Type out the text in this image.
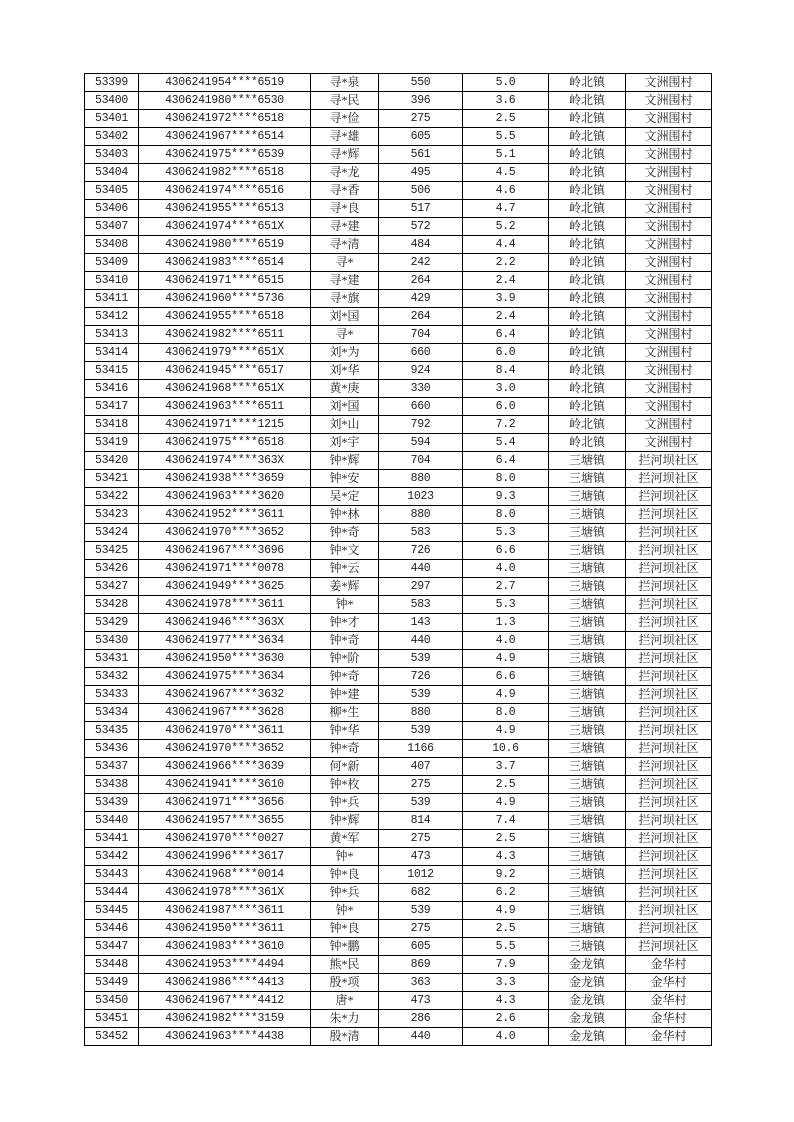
53399	4306241954****6519	寻*泉	550	5.0	岭北镇	文洲围村
53400	4306241980****6530	寻*民	396	3.6	岭北镇	文洲围村
53401	4306241972****6518	寻*俭	275	2.5	岭北镇	文洲围村
53402	4306241967****6514	寻*雄	605	5.5	岭北镇	文洲围村
53403	4306241975****6539	寻*辉	561	5.1	岭北镇	文洲围村
53404	4306241982****6518	寻*龙	495	4.5	岭北镇	文洲围村
53405	4306241974****6516	寻*香	506	4.6	岭北镇	文洲围村
53406	4306241955****6513	寻*良	517	4.7	岭北镇	文洲围村
53407	4306241974****651X	寻*建	572	5.2	岭北镇	文洲围村
53408	4306241980****6519	寻*清	484	4.4	岭北镇	文洲围村
53409	4306241983****6514	寻*	242	2.2	岭北镇	文洲围村
53410	4306241971****6515	寻*建	264	2.4	岭北镇	文洲围村
53411	4306241960****5736	寻*旗	429	3.9	岭北镇	文洲围村
53412	4306241955****6518	刘*国	264	2.4	岭北镇	文洲围村
53413	4306241982****6511	寻*	704	6.4	岭北镇	文洲围村
53414	4306241979****651X	刘*为	660	6.0	岭北镇	文洲围村
53415	4306241945****6517	刘*华	924	8.4	岭北镇	文洲围村
53416	4306241968****651X	黄*庚	330	3.0	岭北镇	文洲围村
53417	4306241963****6511	刘*国	660	6.0	岭北镇	文洲围村
53418	4306241971****1215	刘*山	792	7.2	岭北镇	文洲围村
53419	4306241975****6518	刘*宇	594	5.4	岭北镇	文洲围村
53420	4306241974****363X	钟*辉	704	6.4	三塘镇	拦河坝社区
53421	4306241938****3659	钟*安	880	8.0	三塘镇	拦河坝社区
53422	4306241963****3620	吴*定	1023	9.3	三塘镇	拦河坝社区
53423	4306241952****3611	钟*林	880	8.0	三塘镇	拦河坝社区
53424	4306241970****3652	钟*奇	583	5.3	三塘镇	拦河坝社区
53425	4306241967****3696	钟*文	726	6.6	三塘镇	拦河坝社区
53426	4306241971****0078	钟*云	440	4.0	三塘镇	拦河坝社区
53427	4306241949****3625	姜*辉	297	2.7	三塘镇	拦河坝社区
53428	4306241978****3611	钟*	583	5.3	三塘镇	拦河坝社区
53429	4306241946****363X	钟*才	143	1.3	三塘镇	拦河坝社区
53430	4306241977****3634	钟*奇	440	4.0	三塘镇	拦河坝社区
53431	4306241950****3630	钟*阶	539	4.9	三塘镇	拦河坝社区
53432	4306241975****3634	钟*奇	726	6.6	三塘镇	拦河坝社区
53433	4306241967****3632	钟*建	539	4.9	三塘镇	拦河坝社区
53434	4306241967****3628	柳*生	880	8.0	三塘镇	拦河坝社区
53435	4306241970****3611	钟*华	539	4.9	三塘镇	拦河坝社区
53436	4306241970****3652	钟*奇	1166	10.6	三塘镇	拦河坝社区
53437	4306241966****3639	何*新	407	3.7	三塘镇	拦河坝社区
53438	4306241941****3610	钟*枚	275	2.5	三塘镇	拦河坝社区
53439	4306241971****3656	钟*兵	539	4.9	三塘镇	拦河坝社区
53440	4306241957****3655	钟*辉	814	7.4	三塘镇	拦河坝社区
53441	4306241970****0027	黄*军	275	2.5	三塘镇	拦河坝社区
53442	4306241996****3617	钟*	473	4.3	三塘镇	拦河坝社区
53443	4306241968****0014	钟*良	1012	9.2	三塘镇	拦河坝社区
53444	4306241978****361X	钟*兵	682	6.2	三塘镇	拦河坝社区
53445	4306241987****3611	钟*	539	4.9	三塘镇	拦河坝社区
53446	4306241950****3611	钟*良	275	2.5	三塘镇	拦河坝社区
53447	4306241983****3610	钟*鹏	605	5.5	三塘镇	拦河坝社区
53448	4306241953****4494	熊*民	869	7.9	金龙镇	金华村
53449	4306241986****4413	殷*项	363	3.3	金龙镇	金华村
53450	4306241967****4412	唐*	473	4.3	金龙镇	金华村
53451	4306241982****3159	朱*力	286	2.6	金龙镇	金华村
53452	4306241963****4438	殷*清	440	4.0	金龙镇	金华村
